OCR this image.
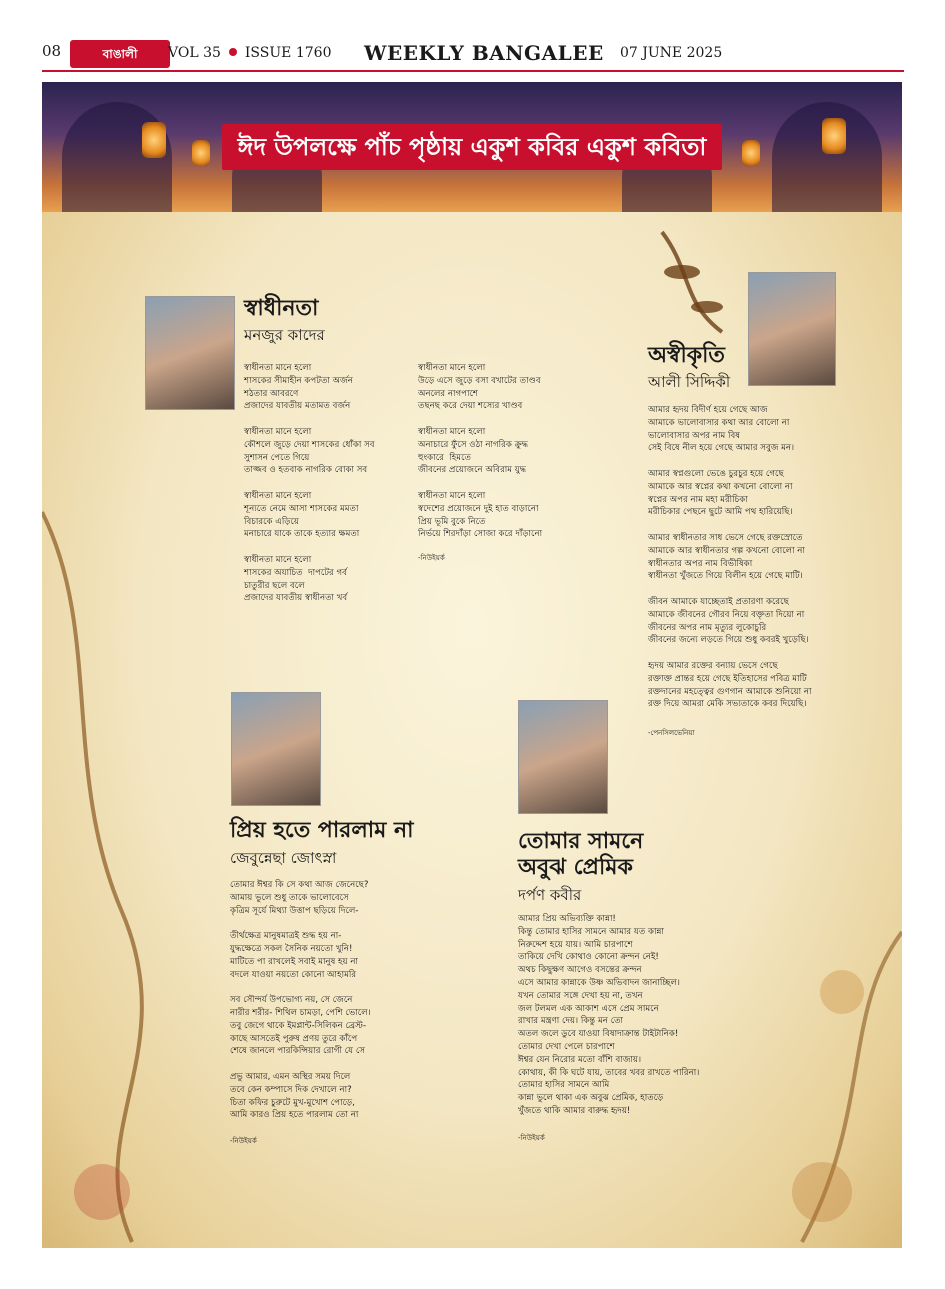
08	বাঙালী	VOL 35 ISSUE 1760 WEEKLY BANGALEE 07 JUNE 2025
ঈদ উপলক্ষে পাঁচ পৃষ্ঠায় একুশ কবির একুশ কবিতা
স্বাধীনতা
মনজুর কাদের
স্বাধীনতা মানে হলো
শাসকের সীমাহীন কপটতা অর্জন
শঠতার আবরণে
প্রজাদের যাবতীয় মতামত বর্জন

স্বাধীনতা মানে হলো
কৌশলে জুড়ে দেয়া শাসকের ধোঁকা সব
সুশাসন পেতে গিয়ে
তাজ্জব ও হতবাক নাগরিক বোকা সব

স্বাধীনতা মানে হলো
শূন্যতে নেমে আসা শাসকের মমতা
বিচারকে এড়িয়ে
মনাচারে যাকে তাকে হত্যার ক্ষমতা

স্বাধীনতা মানে হলো
শাসকের অযাচিত  দাপটের গর্ব
চাতুরীর ছলে বলে
প্রজাদের যাবতীয় স্বাধীনতা খর্ব
স্বাধীনতা মানে হলো
উড়ে এসে জুড়ে বসা বখাটের তাণ্ডব
অনলের নাগপাশে
তছনছ করে দেয়া শস্যের খাণ্ডব

স্বাধীনতা মানে হলো
অনাচারে ফুঁসে ওঠা নাগরিক ক্রুদ্ধ
হুংকারে  হিমতে
জীবনের প্রয়োজনে অবিরাম যুদ্ধ

স্বাধীনতা মানে হলো
স্বদেশের প্রয়োজনে দুই হাত বাড়ানো
প্রিয় ভূমি বুকে নিতে
নির্ভয়ে শিরদাঁড়া সোজা করে দাঁড়ানো
-নিউইয়র্ক
অস্বীকৃতি
আলী সিদ্দিকী
আমার হৃদয় বিদীর্ণ হয়ে গেছে আজ
আমাকে ভালোবাসার কথা আর বোলো না
ভালোবাসার অপর নাম বিষ
সেই বিষে নীল হয়ে গেছে আমার সবুজ মন।

আমার স্বপ্নগুলো ভেঙে চুরচুর হয়ে গেছে
আমাকে আর স্বপ্নের কথা কখনো বোলো না
স্বপ্নের অপর নাম মহা মরীচিকা
মরীচিকার পেছনে ছুটে আমি পথ হারিয়েছি।

আমার স্বাধীনতার সাধ ভেসে গেছে রক্তস্রোতে
আমাকে আর স্বাধীনতার গল্প কখনো বোলো না
স্বাধীনতার অপর নাম বিভীষিকা
স্বাধীনতা খুঁজতে গিয়ে বিলীন হয়ে গেছে মাটি।

জীবন আমাকে যাচ্ছেতাই প্রতারণা করেছে
আমাকে জীবনের গৌরব নিয়ে বক্তৃতা দিয়ো না
জীবনের অপর নাম মৃত্যুর লুকোচুরি
জীবনের জন্যে লড়তে গিয়ে শুধু কবরই খুড়েছি।

হৃদয় আমার রক্তের বন্যায় ভেসে গেছে
রক্তাক্ত প্রান্তর হয়ে গেছে ইতিহাসের পবিত্র মাটি
রক্তদানের মহত্ত্বের গুণগান আমাকে শুনিয়ো না
রক্ত দিয়ে আমরা মেকি সভ্যতাকে কবর দিয়েছি।
-পেনসিলভেনিয়া
প্রিয় হতে পারলাম না
জেবুন্নেছা জোৎস্না
তোমার ঈশ্বর কি সে কথা আজ জেনেছে?
আমায় ভুলে শুধু তাকে ভালোবেসে
কৃত্রিম সূর্যে মিথ্যা উত্তাপ ছড়িয়ে দিলে-

তীর্থক্ষেত্র মানুষমাত্রই শুদ্ধ হয় না-
যুদ্ধক্ষেত্রে সকল সৈনিক নয়তো খুনি!
মাটিতে পা রাখলেই সবাই মানুষ হয় না
বদলে যাওয়া নয়তো কোনো আহামরি

সব সৌন্দর্য উপভোগ্য নয়, সে জেনে
নারীর শরীর- শিথিল চামড়া, পেশি ভোলে।
তবু জেগে থাকে ইমপ্লান্ট-সিলিকন ব্রেস্ট-
কাছে আসতেই পুরুষ প্রণয় তুরে কাঁপে
শেষে জানলে পারকিন্সিয়ার রোগী যে সে

প্রভু আমার, এমন অস্থির সময় দিলে
তবে কেন কম্পাসে দিক দেখালে না?
চিতা কফির চুরুটে মুখ-মুখোশ পোড়ে,
আমি কারও প্রিয় হতে পারলাম তো না
-নিউইয়র্ক
তোমার সামনে
অবুঝ প্রেমিক
দর্পণ কবীর
আমার প্রিয় অভিব্যক্তি কান্না!
কিন্তু তোমার হাসির সামনে আমার যত কান্না
নিরুদ্দেশ হয়ে যায়। আমি চারপাশে
তাকিয়ে দেখি কোথাও কোনো ক্রন্দন নেই!
অথচ কিছুক্ষণ আগেও বসন্তের ক্রন্দন
এসে আমার কান্নাকে উষ্ণ অভিবাদন জানাচ্ছিল।
যখন তোমার সঙ্গে দেখা হয় না, তখন
জল টলমল এক আকাশ এসে প্রেম সামনে
রাখার মন্ত্রণা দেয়। কিন্তু মন তো
অতল জলে ডুবে যাওয়া বিষাদাক্রান্ত টাইটানিক!
তোমার দেখা পেলে চারপাশে
ঈশ্বর যেন নিরোর মতো বাঁশি বাজায়।
কোথায়, কী কি ঘটে যায়, তাবের খবর রাখতে পারিনা।
তোমার হাসির সামনে আমি
কান্না ভুলে থাকা এক অবুঝ প্রেমিক, হাতড়ে
খুঁজতে থাকি আমার বারুদ্ধ হৃদয়!
-নিউইয়র্ক
